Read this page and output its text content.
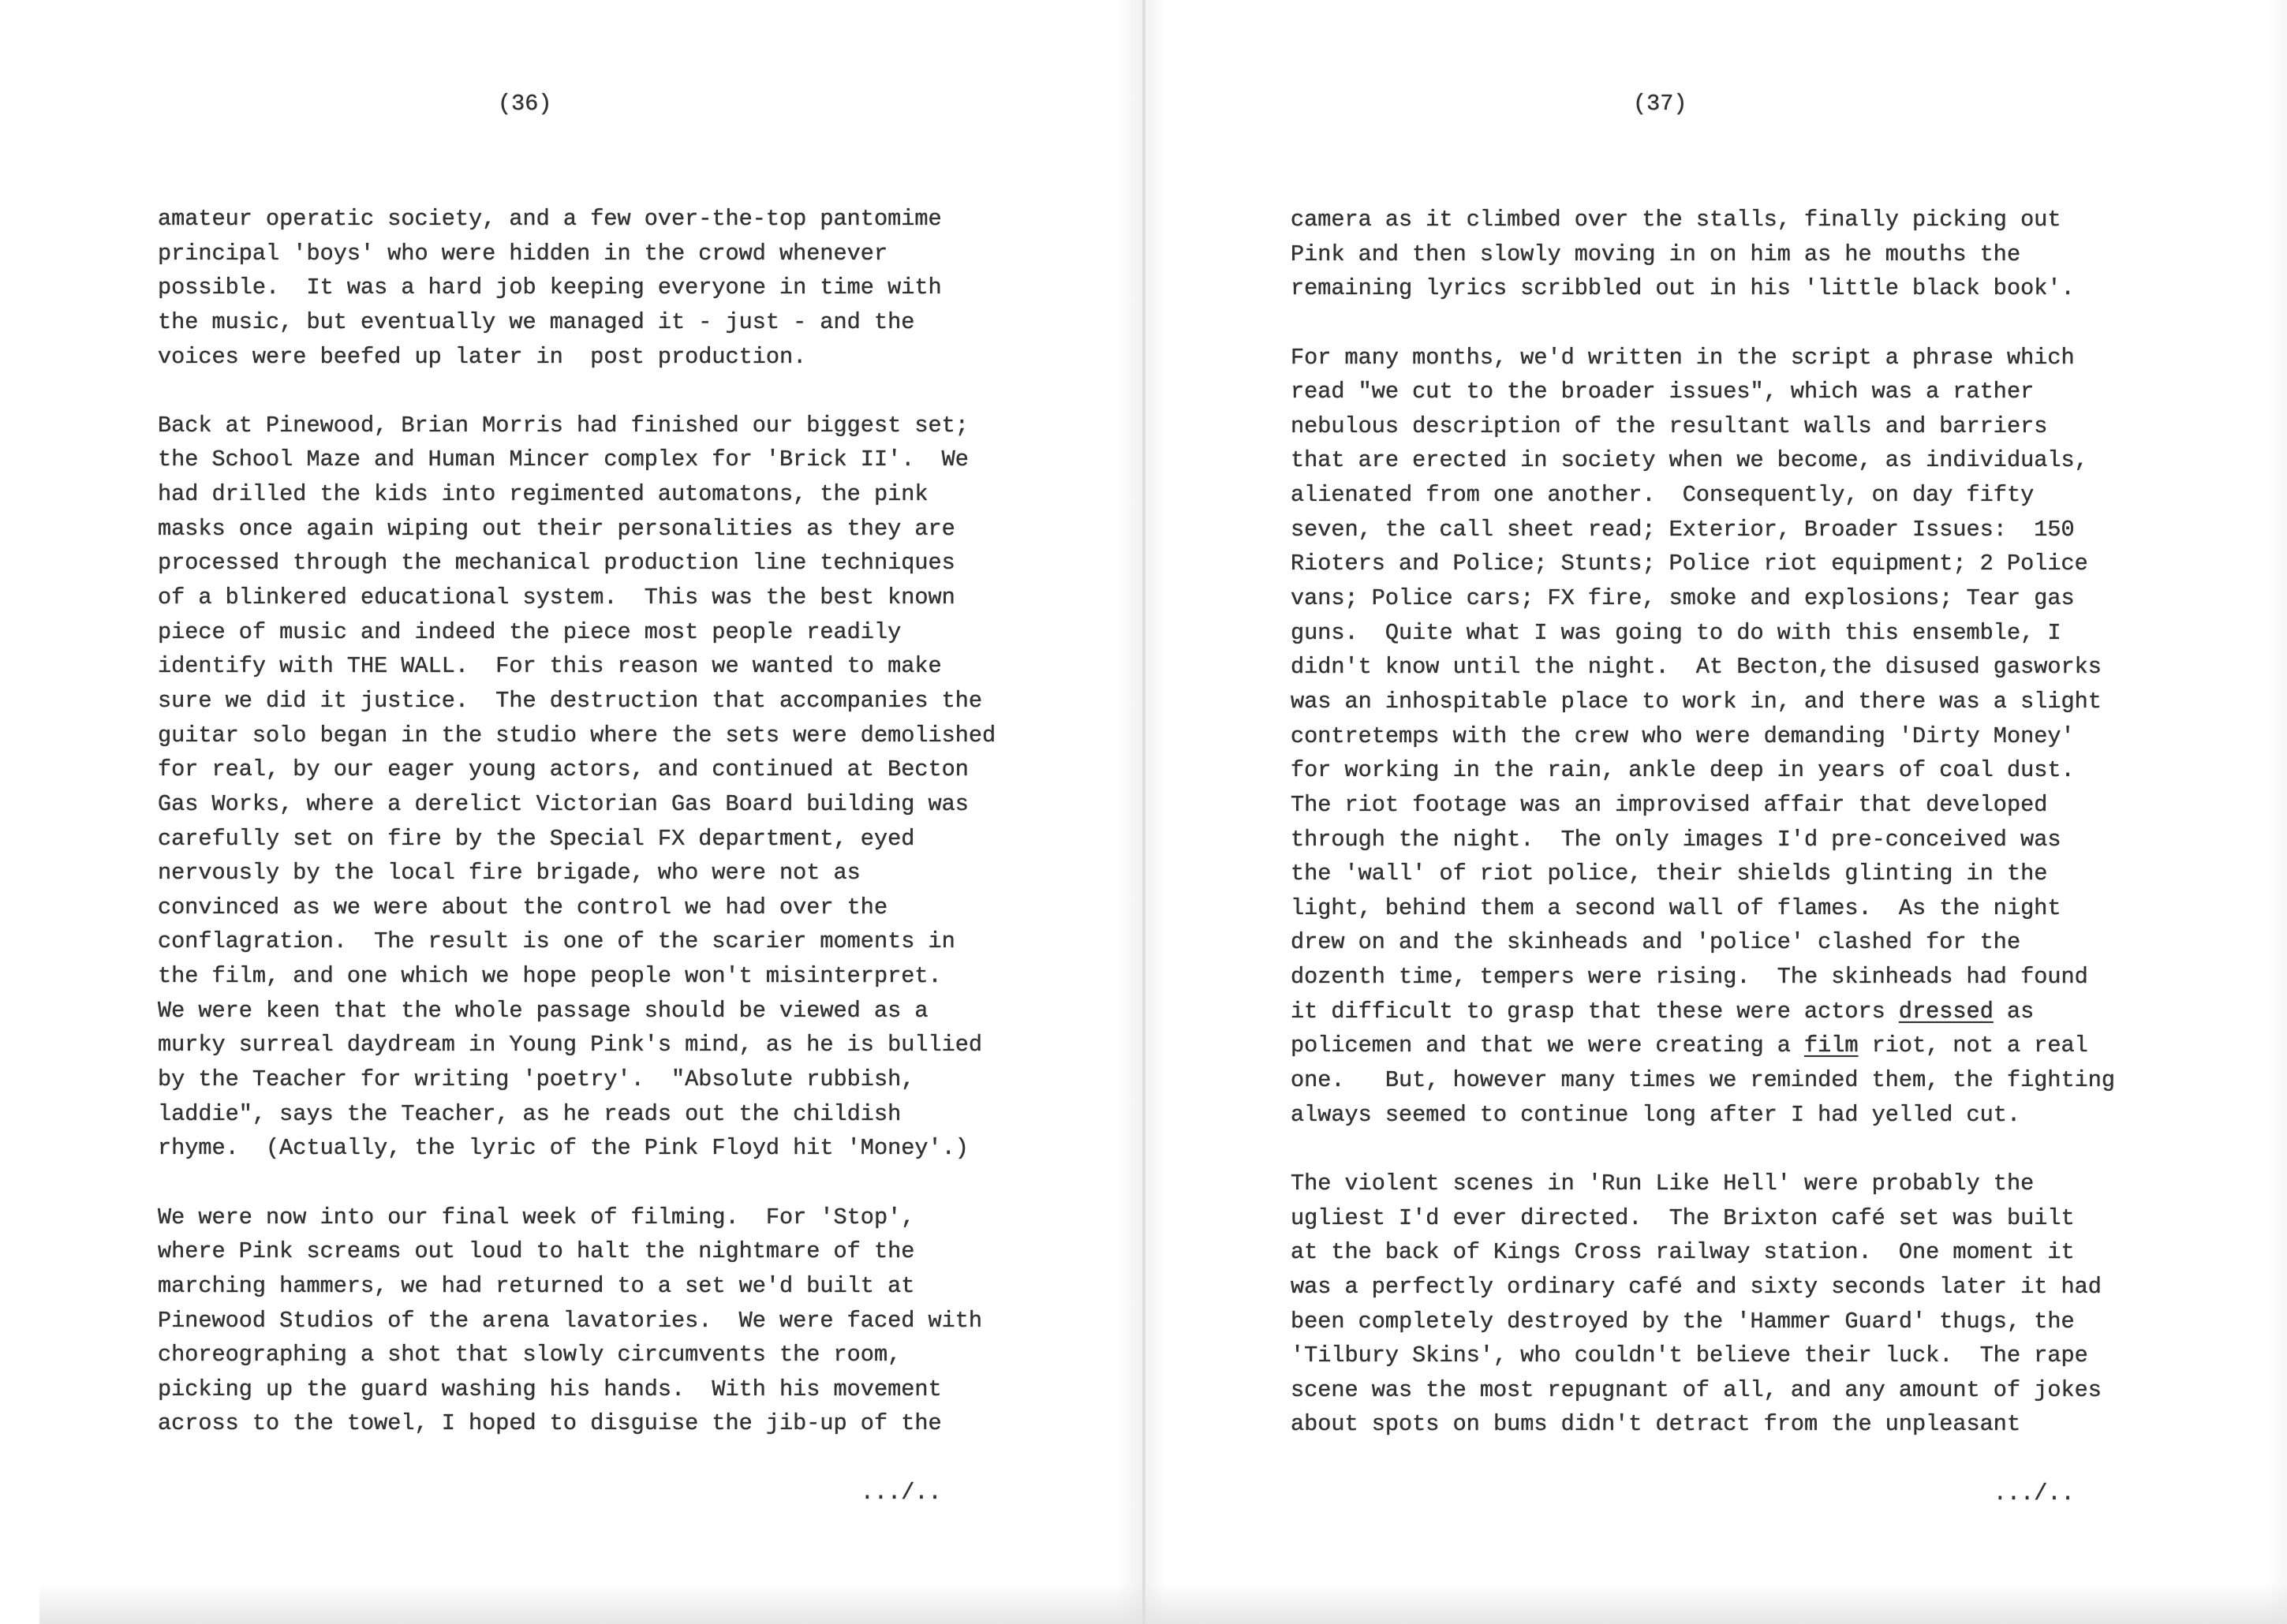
(36)
amateur operatic society, and a few over-the-top pantomime
principal 'boys' who were hidden in the crowd whenever
possible.  It was a hard job keeping everyone in time with
the music, but eventually we managed it - just - and the
voices were beefed up later in  post production.
Back at Pinewood, Brian Morris had finished our biggest set;
the School Maze and Human Mincer complex for 'Brick II'.  We
had drilled the kids into regimented automatons, the pink
masks once again wiping out their personalities as they are
processed through the mechanical production line techniques
of a blinkered educational system.  This was the best known
piece of music and indeed the piece most people readily
identify with THE WALL.  For this reason we wanted to make
sure we did it justice.  The destruction that accompanies the
guitar solo began in the studio where the sets were demolished
for real, by our eager young actors, and continued at Becton
Gas Works, where a derelict Victorian Gas Board building was
carefully set on fire by the Special FX department, eyed
nervously by the local fire brigade, who were not as
convinced as we were about the control we had over the
conflagration.  The result is one of the scarier moments in
the film, and one which we hope people won't misinterpret.
We were keen that the whole passage should be viewed as a
murky surreal daydream in Young Pink's mind, as he is bullied
by the Teacher for writing 'poetry'.  "Absolute rubbish,
laddie", says the Teacher, as he reads out the childish
rhyme.  (Actually, the lyric of the Pink Floyd hit 'Money'.)
We were now into our final week of filming.  For 'Stop',
where Pink screams out loud to halt the nightmare of the
marching hammers, we had returned to a set we'd built at
Pinewood Studios of the arena lavatories.  We were faced with
choreographing a shot that slowly circumvents the room,
picking up the guard washing his hands.  With his movement
across to the towel, I hoped to disguise the jib-up of the
.../..
(37)
camera as it climbed over the stalls, finally picking out
Pink and then slowly moving in on him as he mouths the
remaining lyrics scribbled out in his 'little black book'.
For many months, we'd written in the script a phrase which
read "we cut to the broader issues", which was a rather
nebulous description of the resultant walls and barriers
that are erected in society when we become, as individuals,
alienated from one another.  Consequently, on day fifty
seven, the call sheet read; Exterior, Broader Issues:  150
Rioters and Police; Stunts; Police riot equipment; 2 Police
vans; Police cars; FX fire, smoke and explosions; Tear gas
guns.  Quite what I was going to do with this ensemble, I
didn't know until the night.  At Becton,the disused gasworks
was an inhospitable place to work in, and there was a slight
contretemps with the crew who were demanding 'Dirty Money'
for working in the rain, ankle deep in years of coal dust.
The riot footage was an improvised affair that developed
through the night.  The only images I'd pre-conceived was
the 'wall' of riot police, their shields glinting in the
light, behind them a second wall of flames.  As the night
drew on and the skinheads and 'police' clashed for the
dozenth time, tempers were rising.  The skinheads had found
it difficult to grasp that these were actors dressed as
policemen and that we were creating a film riot, not a real
one.   But, however many times we reminded them, the fighting
always seemed to continue long after I had yelled cut.
The violent scenes in 'Run Like Hell' were probably the
ugliest I'd ever directed.  The Brixton café set was built
at the back of Kings Cross railway station.  One moment it
was a perfectly ordinary café and sixty seconds later it had
been completely destroyed by the 'Hammer Guard' thugs, the
'Tilbury Skins', who couldn't believe their luck.  The rape
scene was the most repugnant of all, and any amount of jokes
about spots on bums didn't detract from the unpleasant
.../..
